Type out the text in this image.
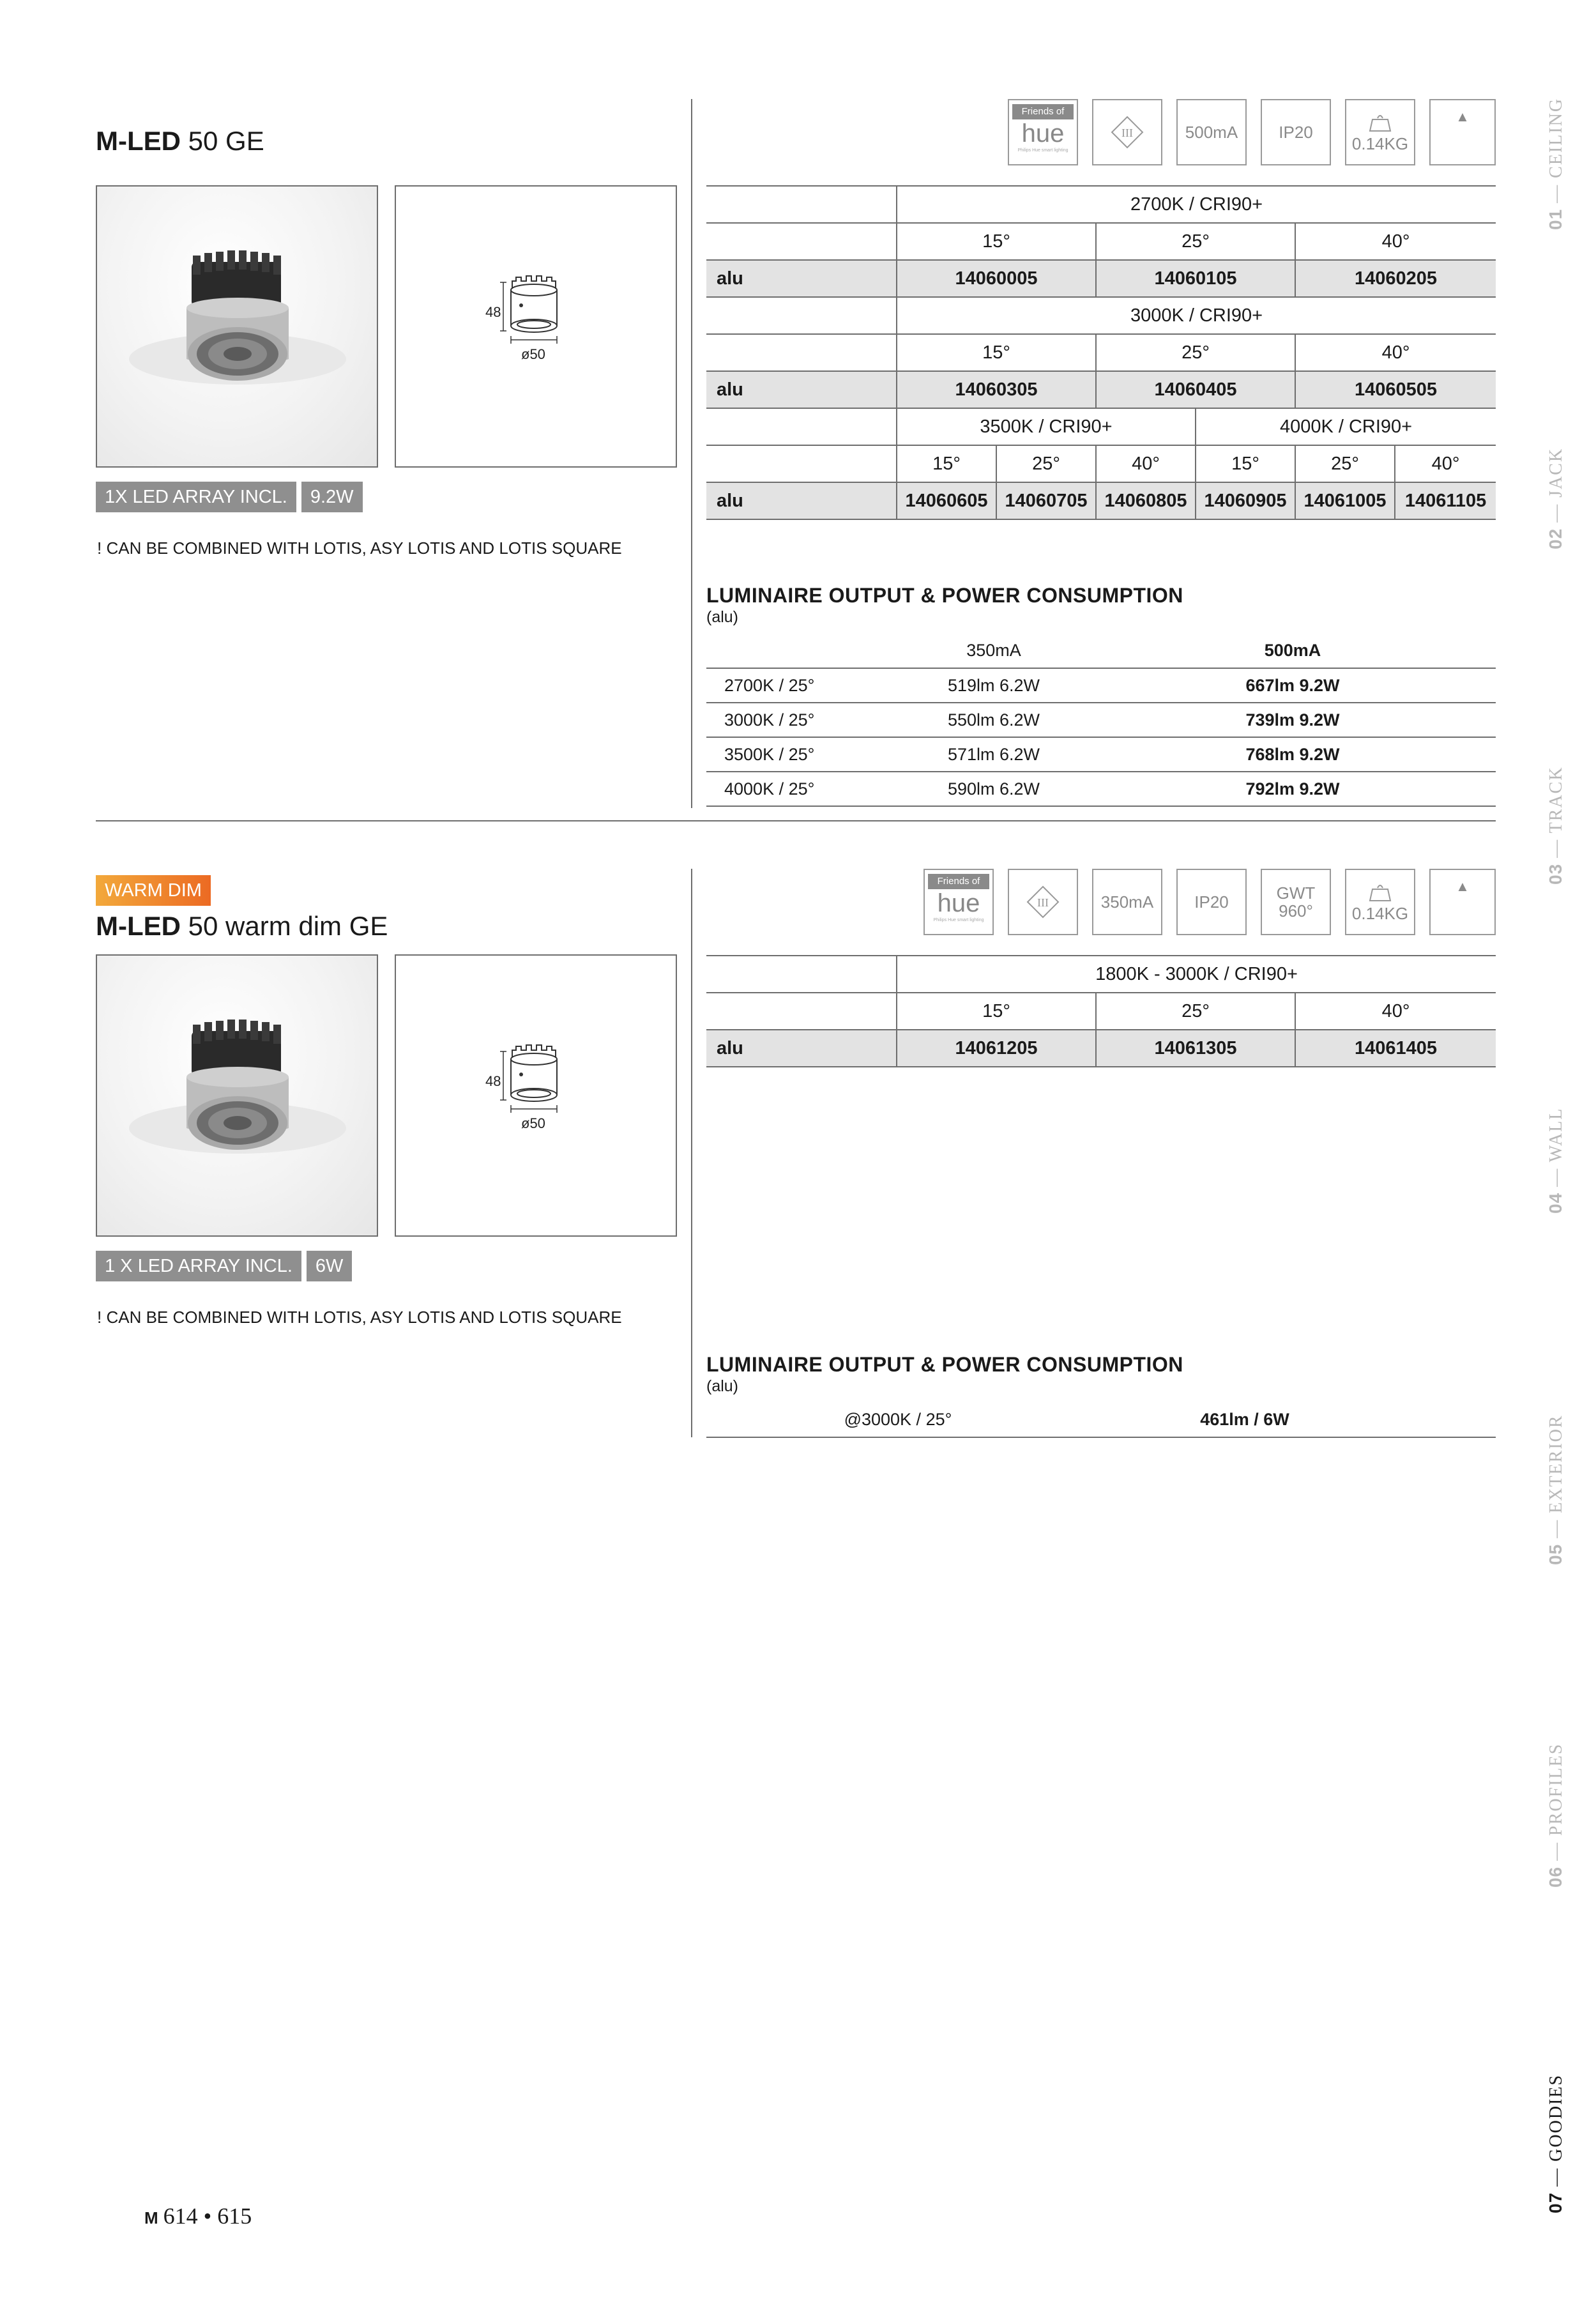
M-LED 50 GE
48
ø50
1X LED ARRAY INCL.	9.2W
! CAN BE COMBINED WITH LOTIS, ASY LOTIS AND LOTIS SQUARE
Friends of
hue
Philips Hue smart lighting
III	500mA	IP20
0.14KG
▲
	2700K / CRI90+					
	15°		25°		40°	
alu	14060005		14060105		14060205	
	3000K / CRI90+					
	15°		25°		40°	
alu	14060305		14060405		14060505	
	3500K / CRI90+			4000K / CRI90+		
	15°	25°	40°	15°	25°	40°
alu	14060605	14060705	14060805	14060905	14061005	14061105
LUMINAIRE OUTPUT & POWER CONSUMPTION
(alu)
	350mA	500mA
2700K / 25°	519lm 6.2W	667lm 9.2W
3000K / 25°	550lm 6.2W	739lm 9.2W
3500K / 25°	571lm 6.2W	768lm 9.2W
4000K / 25°	590lm 6.2W	792lm 9.2W
WARM DIM
M-LED 50 warm dim GE
48
ø50
1 X LED ARRAY INCL.	6W
! CAN BE COMBINED WITH LOTIS, ASY LOTIS AND LOTIS SQUARE
Friends of
hue
Philips Hue smart lighting
III	350mA	IP20	GWT
960° 0.14KG
▲
	1800K - 3000K / CRI90+		
	15°	25°	40°
alu	14061205	14061305	14061405
LUMINAIRE OUTPUT & POWER CONSUMPTION
(alu)
	@3000K / 25°	461lm / 6W
01 — CEILING
02 — JACK
03 — TRACK
04 — WALL
05 — EXTERIOR
06 — PROFILES
07 — GOODIES
M 614 • 615
